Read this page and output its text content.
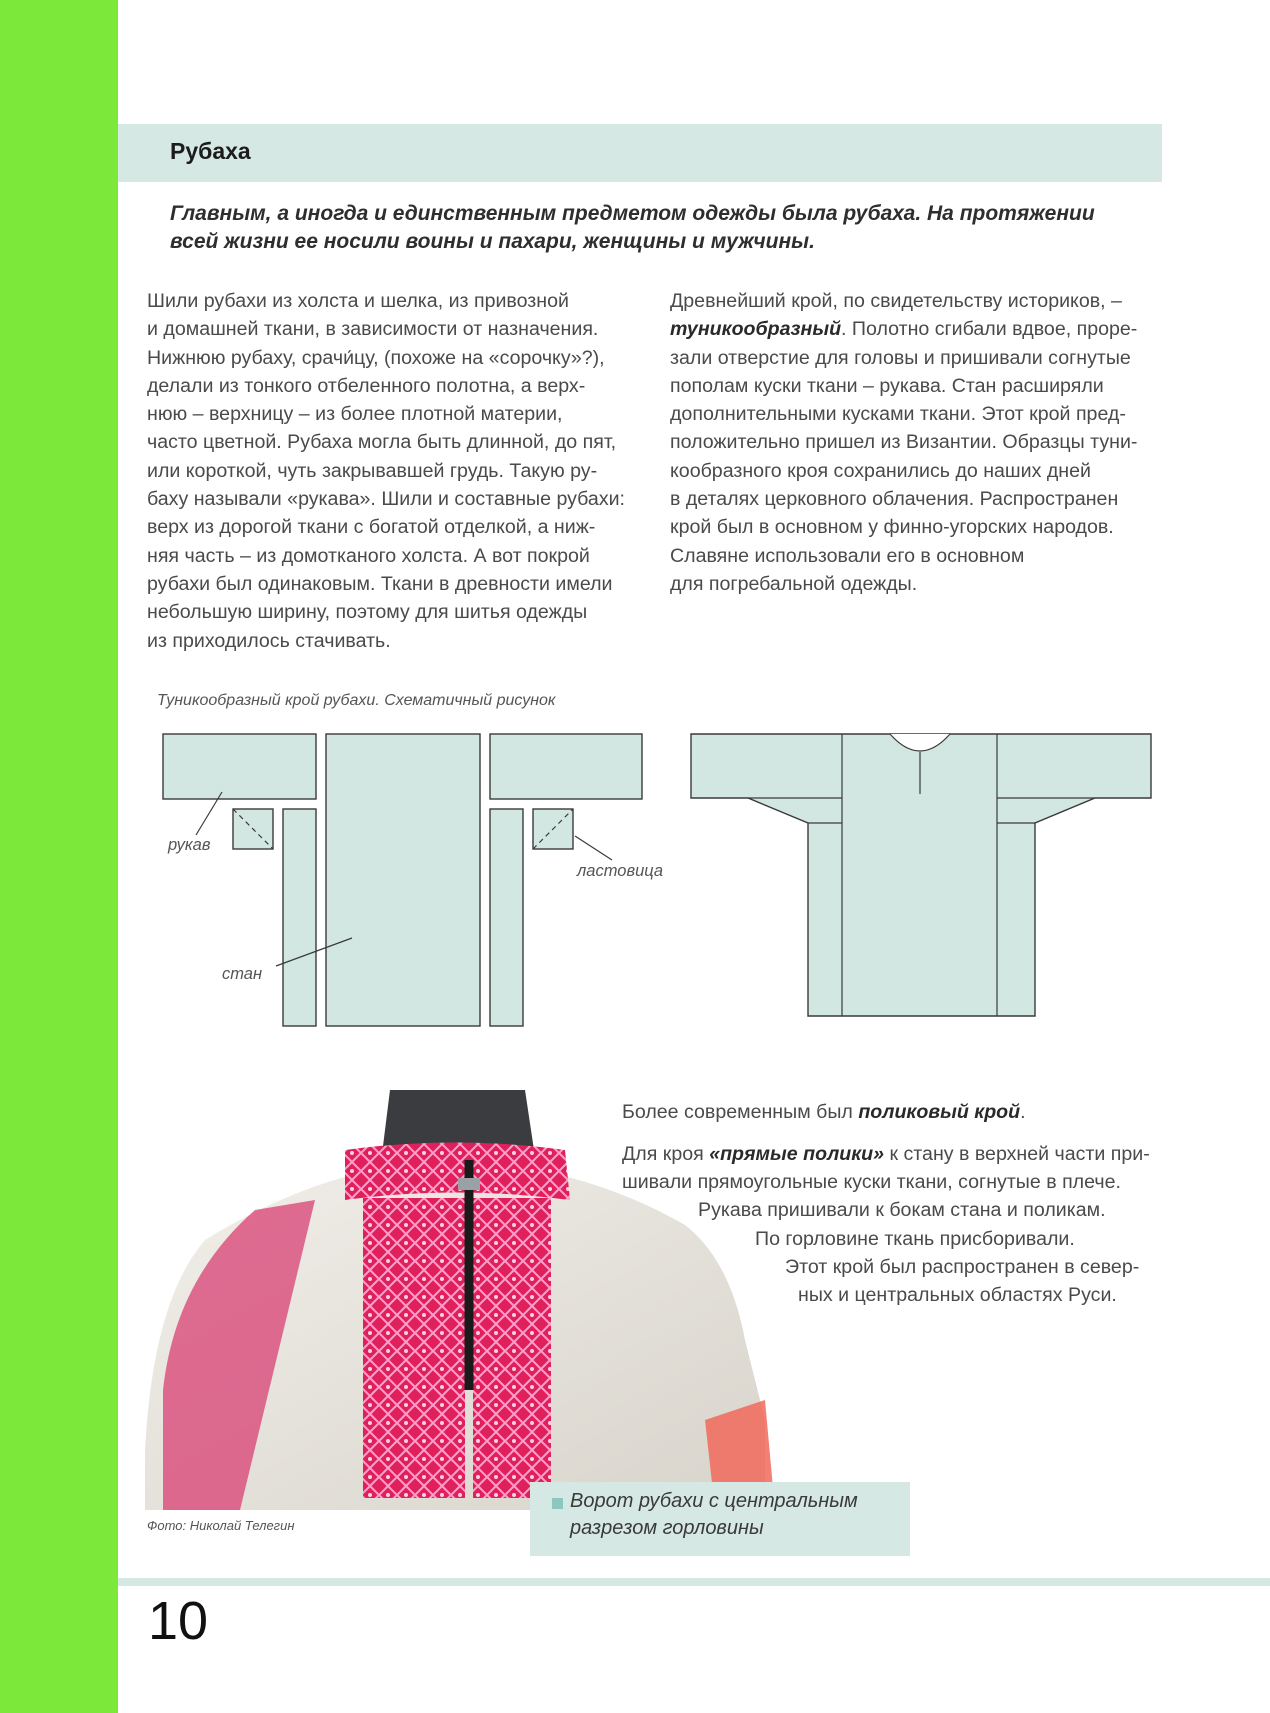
Рубаха
Главным, а иногда и единственным предметом одежды была рубаха. На протяжении всей жизни ее носили воины и пахари, женщины и мужчины.

Шили рубахи из холста и шелка, из привозной

и домашней ткани, в зависимости от назначения.

Нижнюю рубаху, срачи́цу, (похоже на «сорочку»?),

делали из тонкого отбеленного полотна, а верх-

нюю – верхницу – из более плотной материи,

часто цветной. Рубаха могла быть длинной, до пят,

или короткой, чуть закрывавшей грудь. Такую ру-

баху называли «рукава». Шили и составные рубахи:

верх из дорогой ткани с богатой отделкой, а ниж-

няя часть – из домотканого холста. А вот покрой

рубахи был одинаковым. Ткани в древности имели

небольшую ширину, поэтому для шитья одежды

из приходилось стачивать.

Древнейший крой, по свидетельству историков, –

туникообразный. Полотно сгибали вдвое, проре-

зали отверстие для головы и пришивали согнутые

пополам куски ткани – рукава. Стан расширяли

дополнительными кусками ткани. Этот крой пред-

положительно пришел из Византии. Образцы туни-

кообразного кроя сохранились до наших дней

в деталях церковного облачения. Распространен

крой был в основном у финно-угорских народов.

Славяне использовали его в основном

для погребальной одежды.

Туникообразный крой рубахи. Схематичный рисунок
рукав
ластовица
стан
Фото: Николай Телегин
Ворот рубахи с центральным
разрезом горловины
Более современным был поликовый крой.
Для кроя «прямые полики» к стану в верхней части при-
шивали прямоугольные куски ткани, согнутые в плече.
Рукава пришивали к бокам стана и поликам.
По горловине ткань присборивали.
Этот крой был распространен в север-
ных и центральных областях Руси.
10
